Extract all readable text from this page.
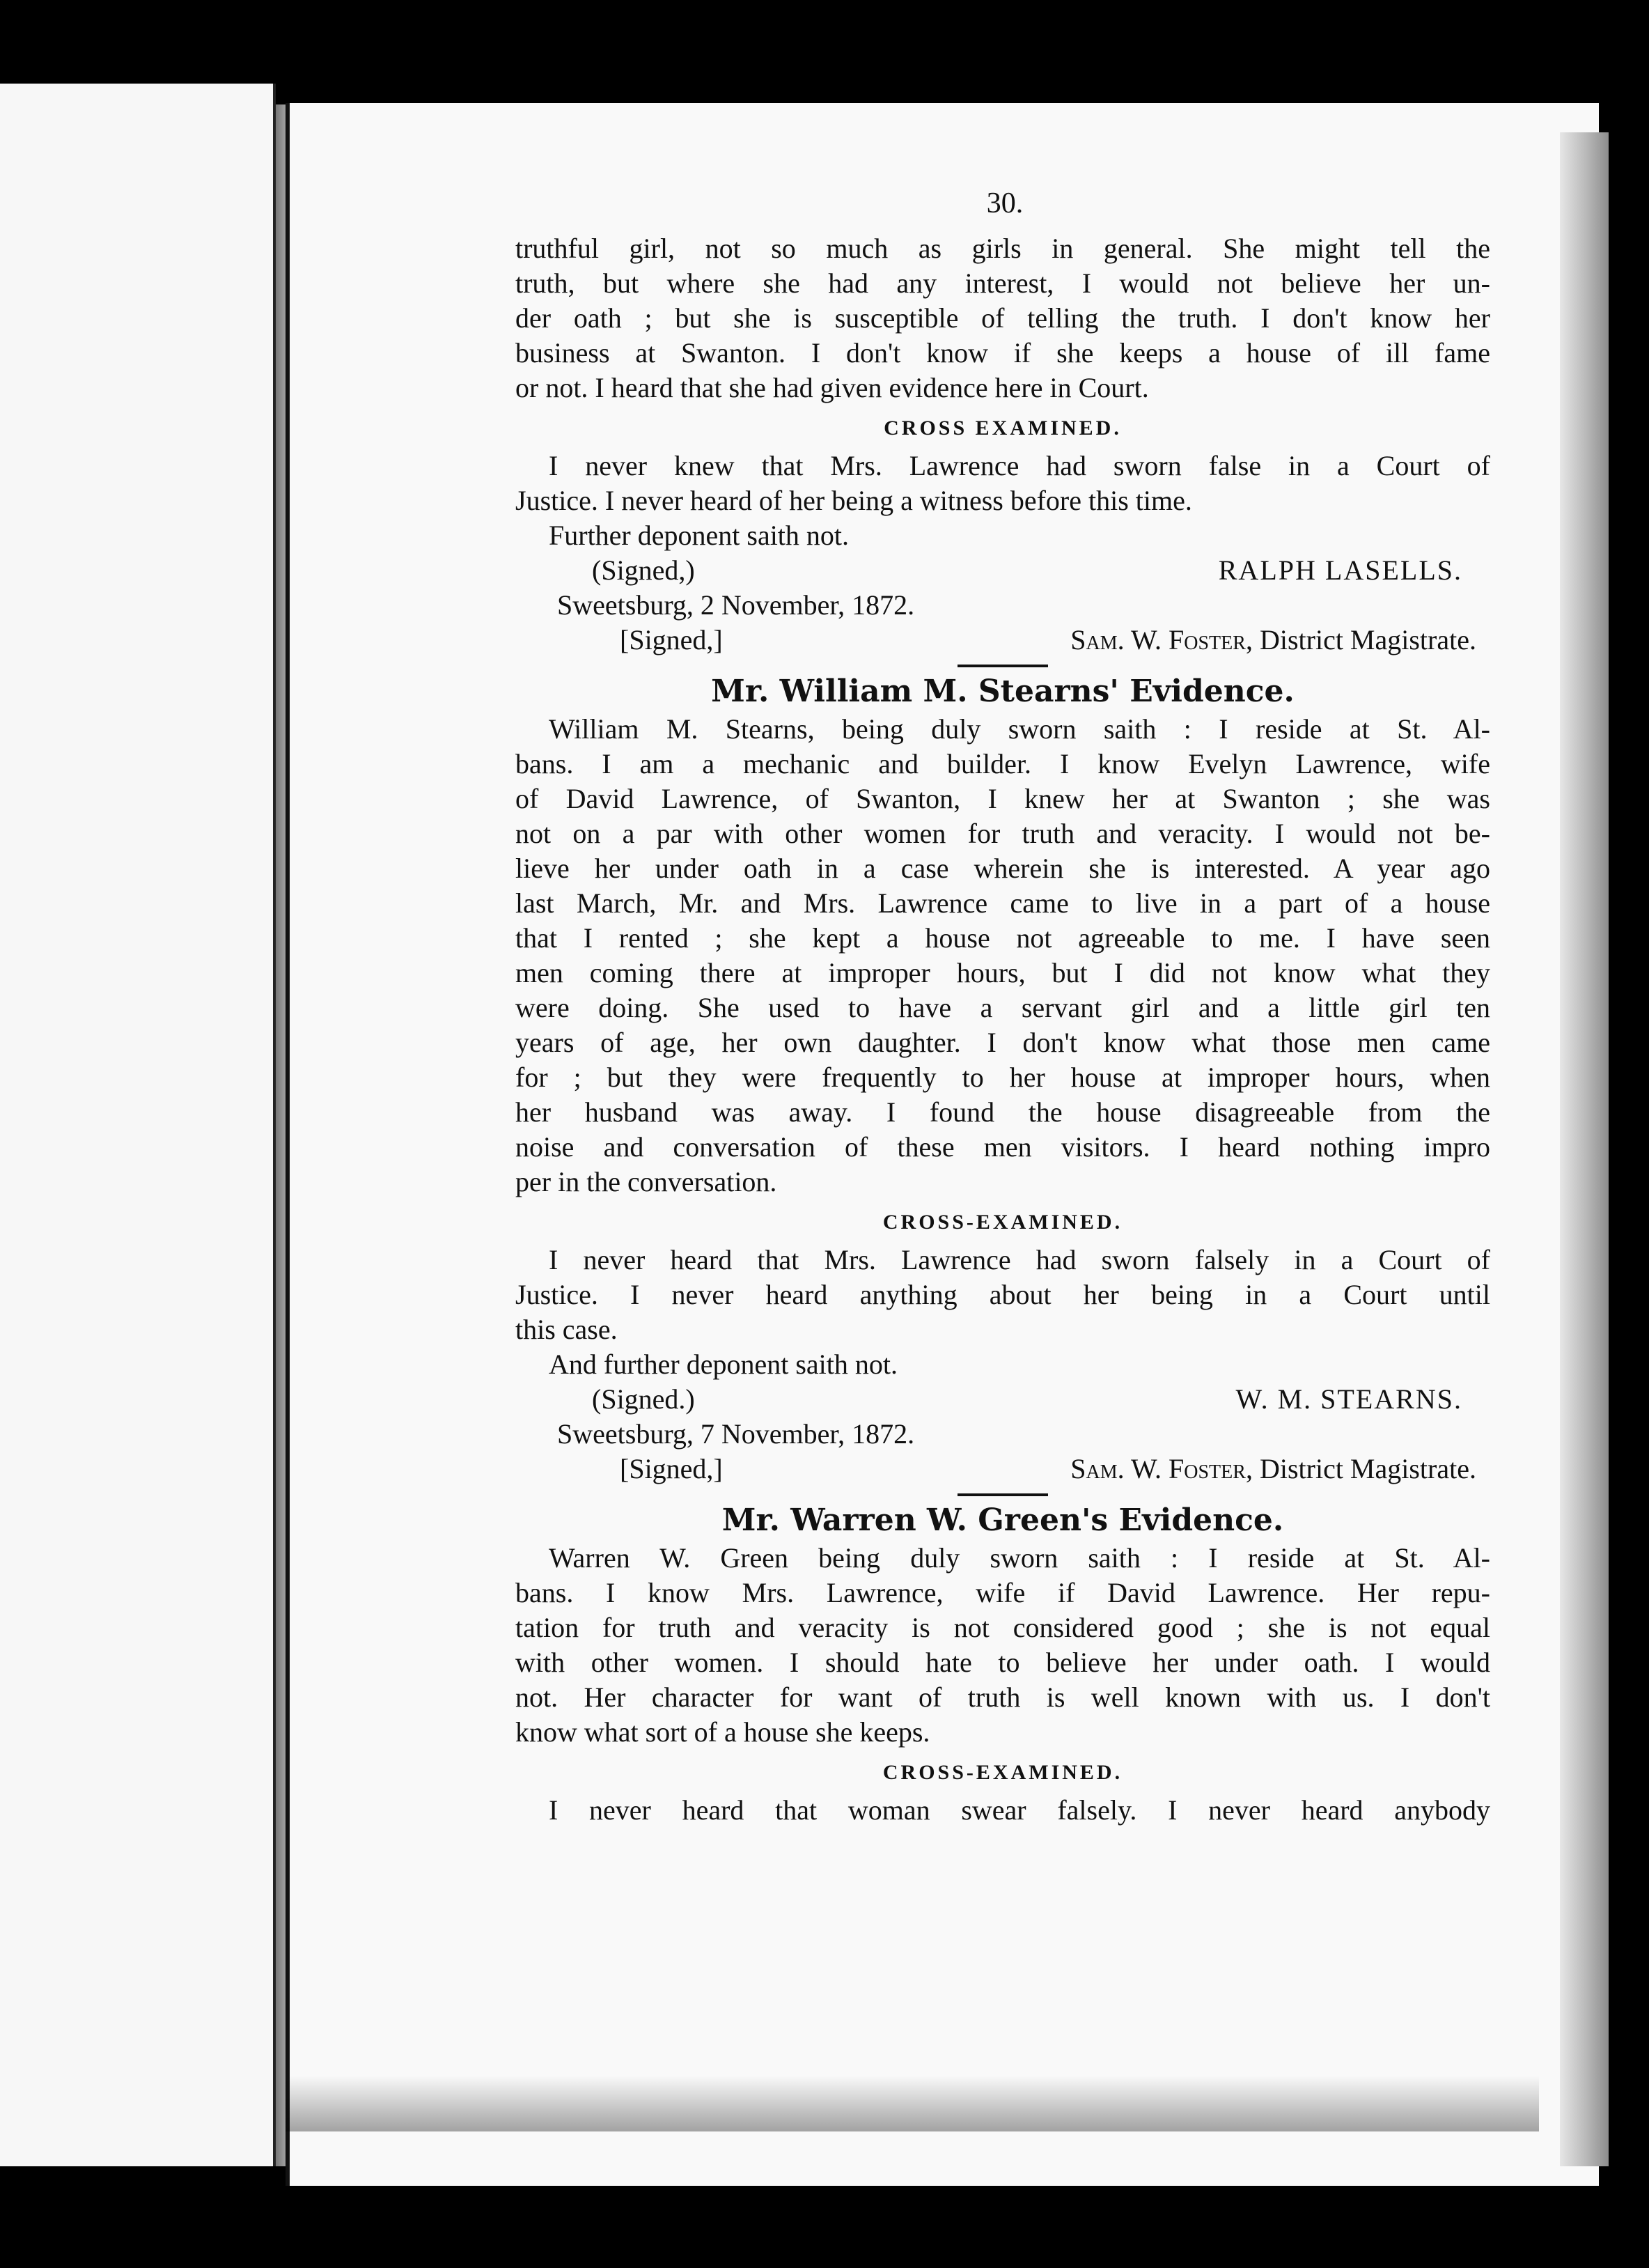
30.
truthful girl, not so much as girls in general. She might tell the
truth, but where she had any interest, I would not believe her un-
der oath ; but she is susceptible of telling the truth. I don't know her
business at Swanton. I don't know if she keeps a house of ill fame
or not. I heard that she had given evidence here in Court.
CROSS EXAMINED.
I never knew that Mrs. Lawrence had sworn false in a Court of
Justice. I never heard of her being a witness before this time.
Further deponent saith not.
(Signed,)	RALPH LASELLS.
Sweetsburg, 2 November, 1872.
[Signed,]	Sam. W. Foster, District Magistrate.
Mr. William M. Stearns' Evidence.
William M. Stearns, being duly sworn saith : I reside at St. Al-
bans. I am a mechanic and builder. I know Evelyn Lawrence, wife
of David Lawrence, of Swanton, I knew her at Swanton ; she was
not on a par with other women for truth and veracity. I would not be-
lieve her under oath in a case wherein she is interested. A year ago
last March, Mr. and Mrs. Lawrence came to live in a part of a house
that I rented ; she kept a house not agreeable to me. I have seen
men coming there at improper hours, but I did not know what they
were doing. She used to have a servant girl and a little girl ten
years of age, her own daughter. I don't know what those men came
for ; but they were frequently to her house at improper hours, when
her husband was away. I found the house disagreeable from the
noise and conversation of these men visitors. I heard nothing impro
per in the conversation.
CROSS-EXAMINED.
I never heard that Mrs. Lawrence had sworn falsely in a Court of
Justice. I never heard anything about her being in a Court until
this case.
And further deponent saith not.
(Signed.)	W. M. STEARNS.
Sweetsburg, 7 November, 1872.
[Signed,]	Sam. W. Foster, District Magistrate.
Mr. Warren W. Green's Evidence.
Warren W. Green being duly sworn saith : I reside at St. Al-
bans. I know Mrs. Lawrence, wife if David Lawrence. Her repu-
tation for truth and veracity is not considered good ; she is not equal
with other women. I should hate to believe her under oath. I would
not. Her character for want of truth is well known with us. I don't
know what sort of a house she keeps.
CROSS-EXAMINED.
I never heard that woman swear falsely. I never heard anybody
